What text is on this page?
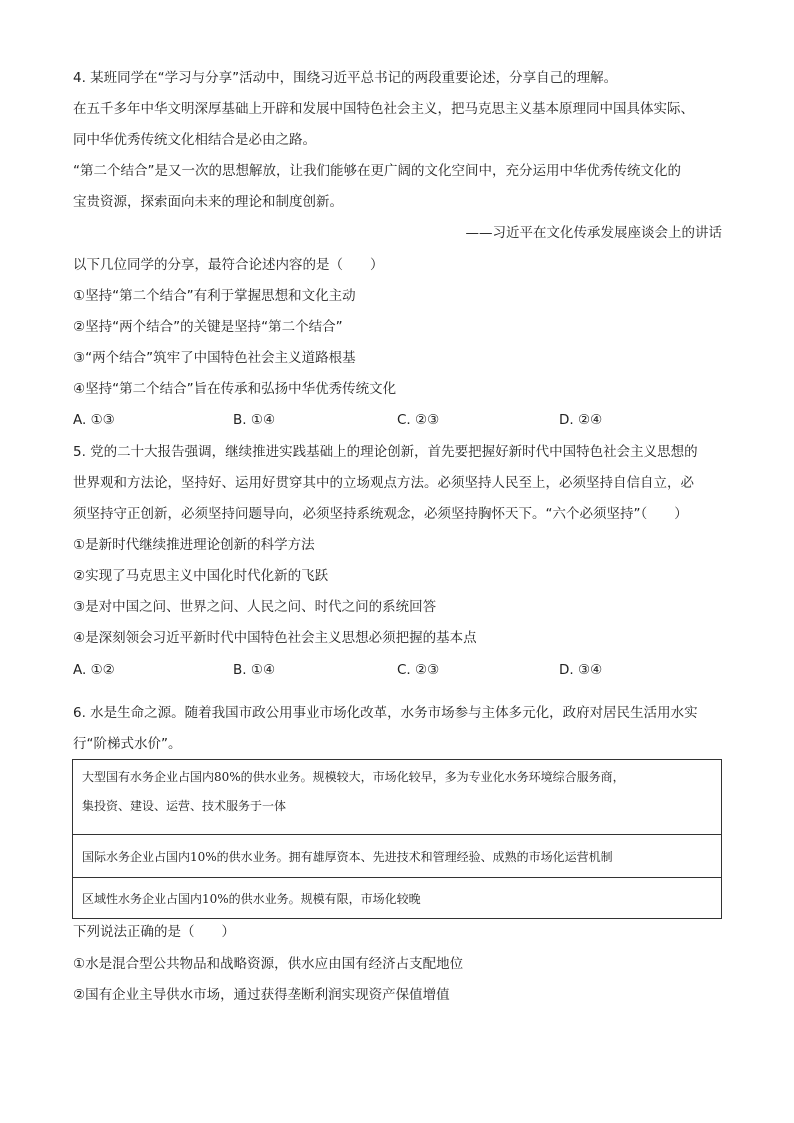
4. 某班同学在“学习与分享”活动中，围绕习近平总书记的两段重要论述，分享自己的理解。
在五千多年中华文明深厚基础上开辟和发展中国特色社会主义，把马克思主义基本原理同中国具体实际、
同中华优秀传统文化相结合是必由之路。
“第二个结合”是又一次的思想解放，让我们能够在更广阔的文化空间中，充分运用中华优秀传统文化的
宝贵资源，探索面向未来的理论和制度创新。
——习近平在文化传承发展座谈会上的讲话
以下几位同学的分享，最符合论述内容的是（　　）
①坚持“第二个结合”有利于掌握思想和文化主动
②坚持“两个结合”的关键是坚持“第二个结合”
③“两个结合”筑牢了中国特色社会主义道路根基
④坚持“第二个结合”旨在传承和弘扬中华优秀传统文化
A. ①③	B. ①④	C. ②③	D. ②④
5. 党的二十大报告强调，继续推进实践基础上的理论创新，首先要把握好新时代中国特色社会主义思想的
世界观和方法论，坚持好、运用好贯穿其中的立场观点方法。必须坚持人民至上，必须坚持自信自立，必
须坚持守正创新，必须坚持问题导向，必须坚持系统观念，必须坚持胸怀天下。“六个必须坚持”（　　）
①是新时代继续推进理论创新的科学方法
②实现了马克思主义中国化时代化新的飞跃
③是对中国之问、世界之问、人民之问、时代之问的系统回答
④是深刻领会习近平新时代中国特色社会主义思想必须把握的基本点
A. ①②	B. ①④	C. ②③	D. ③④
6. 水是生命之源。随着我国市政公用事业市场化改革，水务市场参与主体多元化，政府对居民生活用水实
行“阶梯式水价”。
大型国有水务企业占国内80%的供水业务。规模较大，市场化较早，多为专业化水务环境综合服务商，
集投资、建设、运营、技术服务于一体

国际水务企业占国内10%的供水业务。拥有雄厚资本、先进技术和管理经验、成熟的市场化运营机制
区域性水务企业占国内10%的供水业务。规模有限，市场化较晚
下列说法正确的是（　　）
①水是混合型公共物品和战略资源，供水应由国有经济占支配地位
②国有企业主导供水市场，通过获得垄断利润实现资产保值增值
